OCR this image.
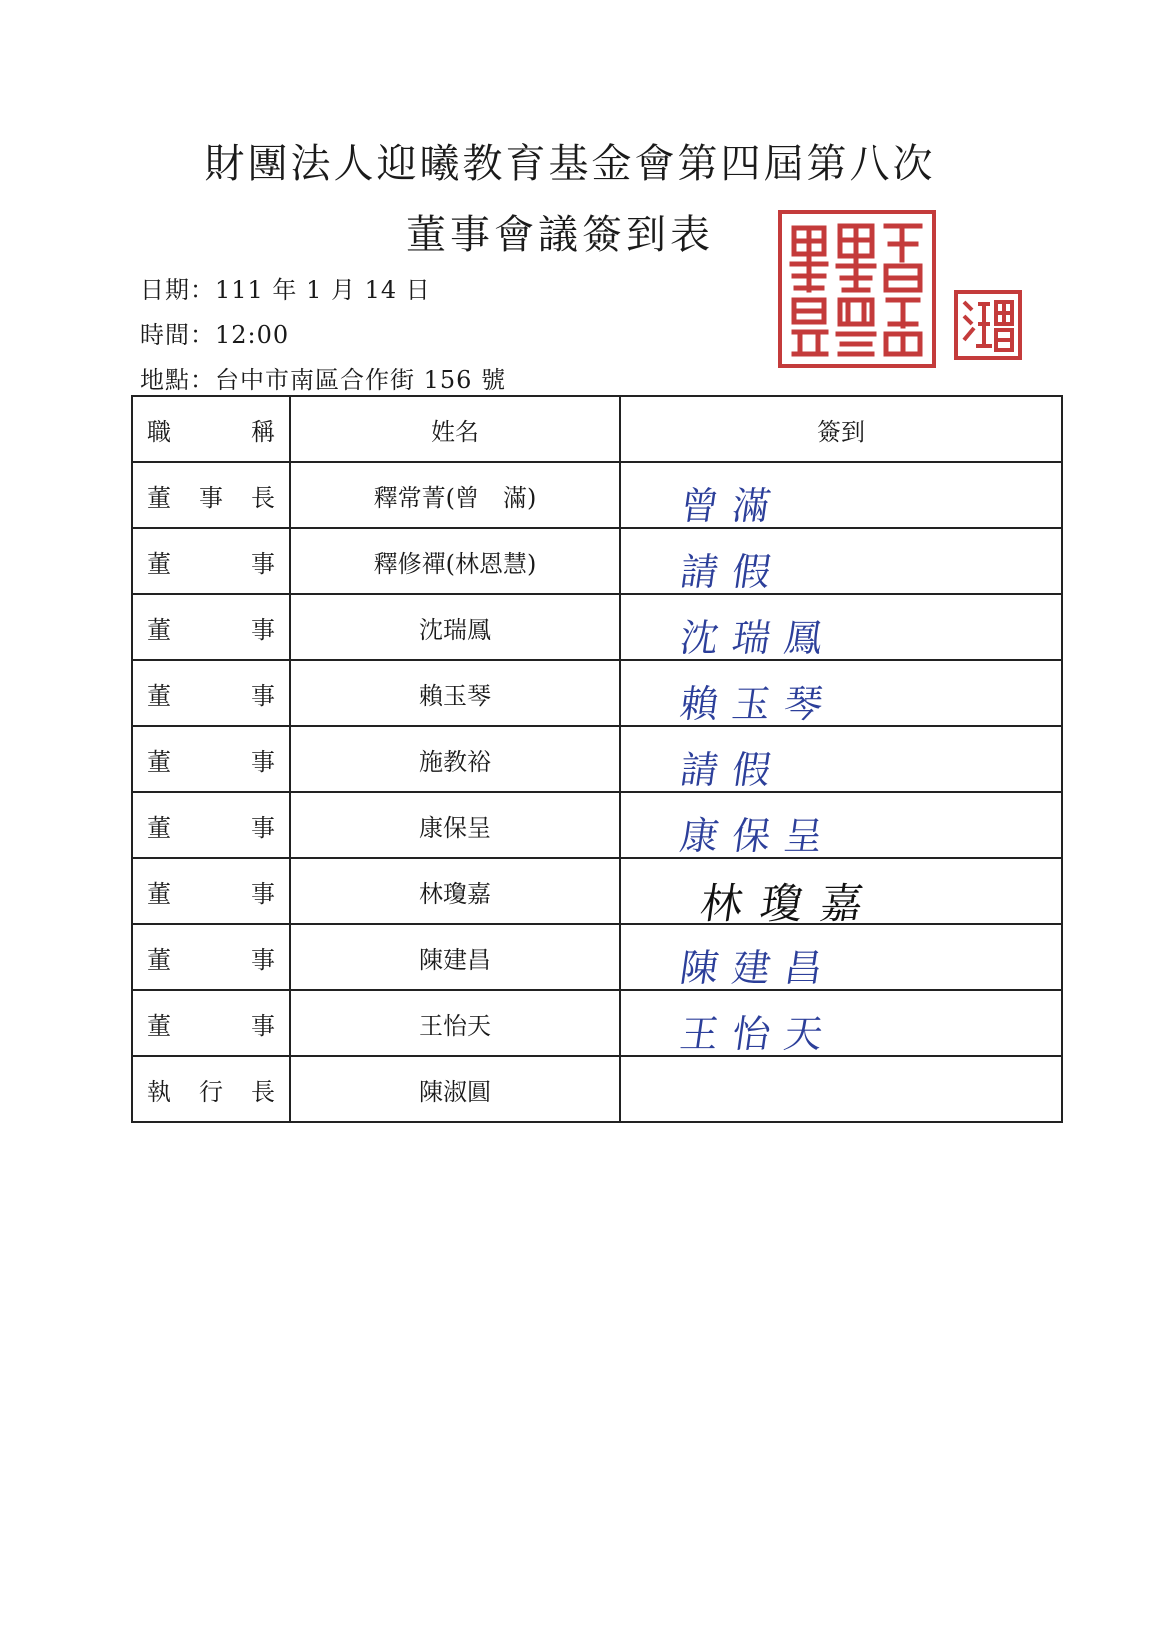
財團法人迎曦教育基金會第四屆第八次
董事會議簽到表
日期：111 年 1 月 14 日
時間：12:00
地點：台中市南區合作街 156 號
職 稱	姓名	簽到

董 事 長	釋常菁(曾　滿)	曾滿

董 事	釋修禪(林恩慧)	請假

董 事	沈瑞鳳	沈瑞鳳

董 事	賴玉琴	賴玉琴

董 事	施教裕	請假

董 事	康保呈	康保呈

董 事	林瓊嘉	林瓊嘉

董 事	陳建昌	陳建昌

董 事	王怡天	王怡天

執 行 長	陳淑圓	
